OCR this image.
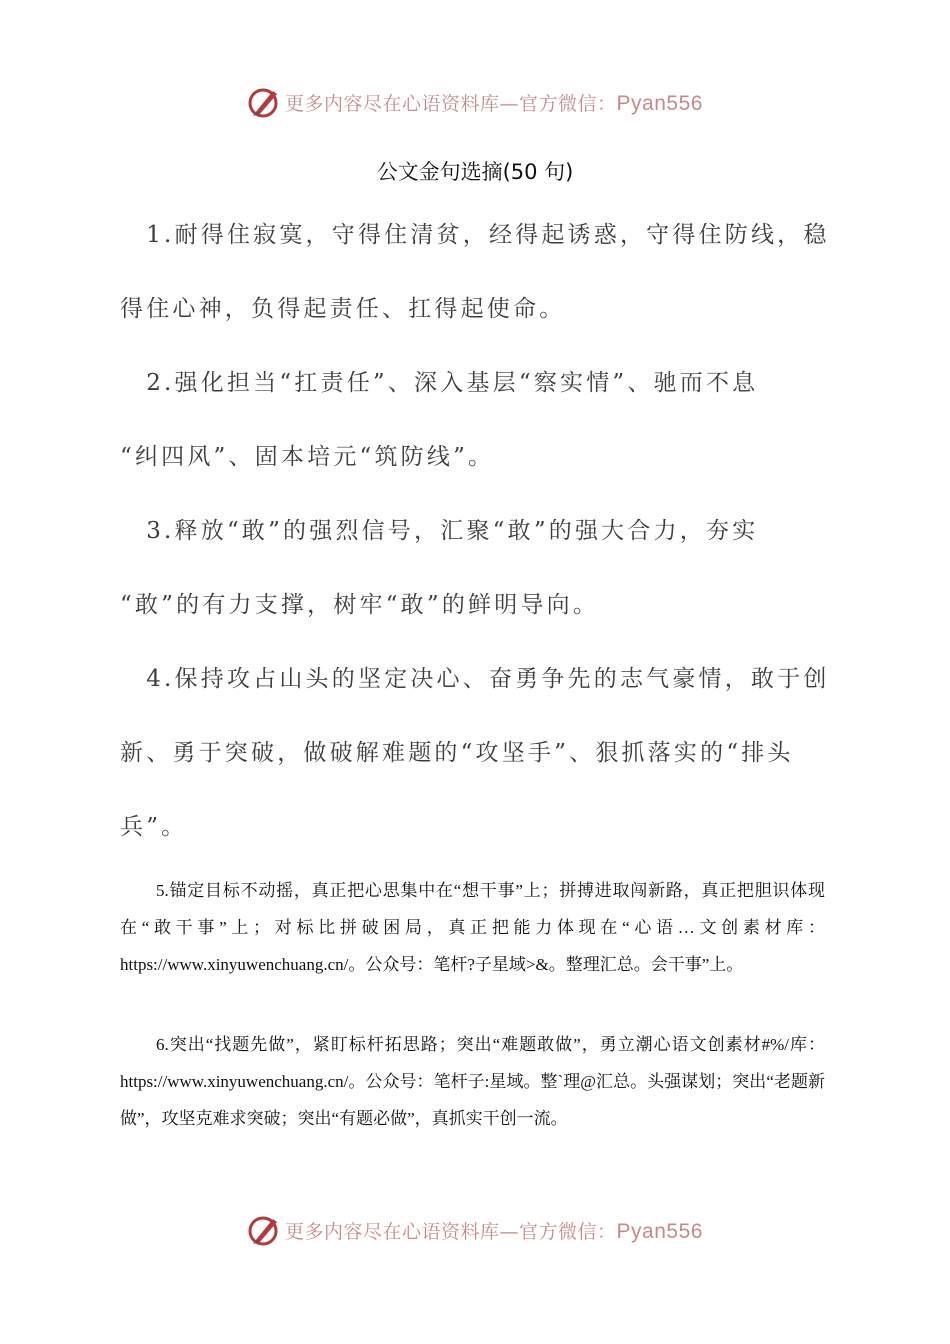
更多内容尽在心语资料库—官方微信：Pyan556
公文金句选摘(50 句)
　1.耐得住寂寞，守得住清贫，经得起诱惑，守得住防线，稳
得住心神，负得起责任、扛得起使命。
　2.强化担当“扛责任”、深入基层“察实情”、驰而不息
“纠四风”、固本培元“筑防线”。
　3.释放“敢”的强烈信号，汇聚“敢”的强大合力，夯实
“敢”的有力支撑，树牢“敢”的鲜明导向。
　4.保持攻占山头的坚定决心、奋勇争先的志气豪情，敢于创
新、勇于突破，做破解难题的“攻坚手”、狠抓落实的“排头
兵”。

5.锚定目标不动摇，真正把心思集中在“想干事”上；拼搏进取闯新路，真正把胆识体现在“敢干事”上；对标比拼破困局，真正把能力体现在“心语…文创素材库：https://www.xinyuwenchuang.cn/。公众号：笔杆?子星域>&。整理汇总。会干事”上。

6.突出“找题先做”，紧盯标杆拓思路；突出“难题敢做”，勇立潮心语文创素材#%/库：https://www.xinyuwenchuang.cn/。公众号：笔杆子:星域。整`理@汇总。头强谋划；突出“老题新做”，攻坚克难求突破；突出“有题必做”，真抓实干创一流。

更多内容尽在心语资料库—官方微信：Pyan556
